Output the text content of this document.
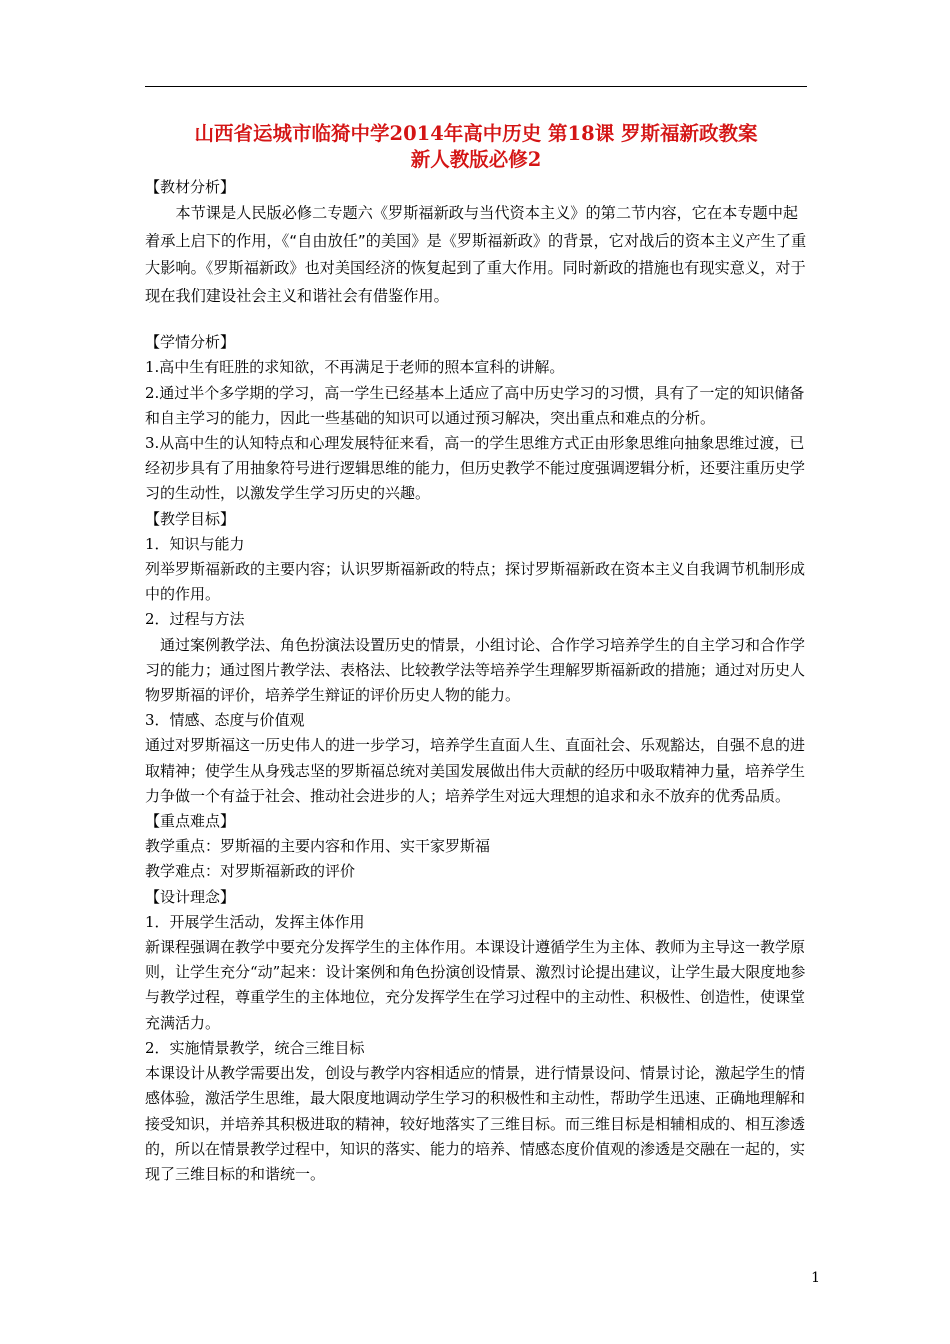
山西省运城市临猗中学2014年高中历史 第18课 罗斯福新政教案
新人教版必修2

【教材分析】

本节课是人民版必修二专题六《罗斯福新政与当代资本主义》的第二节内容，它在本专题中起着承上启下的作用，《“自由放任”的美国》是《罗斯福新政》的背景，它对战后的资本主义产生了重大影响。《罗斯福新政》也对美国经济的恢复起到了重大作用。同时新政的措施也有现实意义，对于现在我们建设社会主义和谐社会有借鉴作用。

【学情分析】

1.高中生有旺胜的求知欲，不再满足于老师的照本宣科的讲解。

2.通过半个多学期的学习，高一学生已经基本上适应了高中历史学习的习惯，具有了一定的知识储备和自主学习的能力，因此一些基础的知识可以通过预习解决，突出重点和难点的分析。

3.从高中生的认知特点和心理发展特征来看，高一的学生思维方式正由形象思维向抽象思维过渡，已经初步具有了用抽象符号进行逻辑思维的能力，但历史教学不能过度强调逻辑分析，还要注重历史学习的生动性，以激发学生学习历史的兴趣。

【教学目标】

1．知识与能力

列举罗斯福新政的主要内容；认识罗斯福新政的特点；探讨罗斯福新政在资本主义自我调节机制形成中的作用。

2．过程与方法

通过案例教学法、角色扮演法设置历史的情景，小组讨论、合作学习培养学生的自主学习和合作学习的能力；通过图片教学法、表格法、比较教学法等培养学生理解罗斯福新政的措施；通过对历史人物罗斯福的评价，培养学生辩证的评价历史人物的能力。

3．情感、态度与价值观

通过对罗斯福这一历史伟人的进一步学习，培养学生直面人生、直面社会、乐观豁达，自强不息的进取精神；使学生从身残志坚的罗斯福总统对美国发展做出伟大贡献的经历中吸取精神力量，培养学生力争做一个有益于社会、推动社会进步的人；培养学生对远大理想的追求和永不放弃的优秀品质。

【重点难点】

教学重点：罗斯福的主要内容和作用、实干家罗斯福

教学难点：对罗斯福新政的评价

【设计理念】

1．开展学生活动，发挥主体作用

新课程强调在教学中要充分发挥学生的主体作用。本课设计遵循学生为主体、教师为主导这一教学原则，让学生充分“动”起来：设计案例和角色扮演创设情景、激烈讨论提出建议，让学生最大限度地参与教学过程，尊重学生的主体地位，充分发挥学生在学习过程中的主动性、积极性、创造性，使课堂充满活力。

2．实施情景教学，统合三维目标

本课设计从教学需要出发，创设与教学内容相适应的情景，进行情景设问、情景讨论，激起学生的情感体验，激活学生思维，最大限度地调动学生学习的积极性和主动性，帮助学生迅速、正确地理解和接受知识，并培养其积极进取的精神，较好地落实了三维目标。而三维目标是相辅相成的、相互渗透的，所以在情景教学过程中，知识的落实、能力的培养、情感态度价值观的渗透是交融在一起的，实现了三维目标的和谐统一。

1
